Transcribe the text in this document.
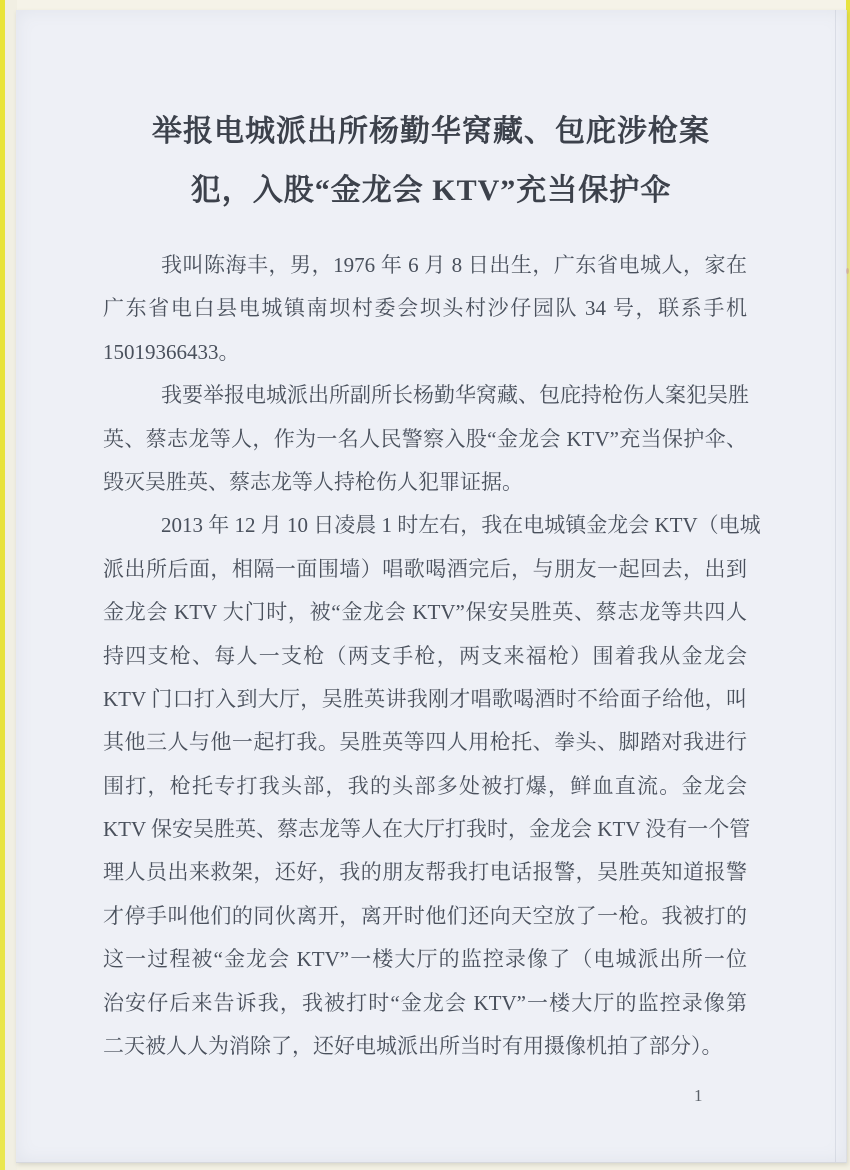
举报电城派出所杨勤华窝藏、包庇涉枪案
犯，入股“金龙会 KTV”充当保护伞
我叫陈海丰，男，1976 年 6 月 8 日出生，广东省电城人，家在
广东省电白县电城镇南坝村委会坝头村沙仔园队 34 号，联系手机
15019366433。
我要举报电城派出所副所长杨勤华窝藏、包庇持枪伤人案犯吴胜
英、蔡志龙等人，作为一名人民警察入股“金龙会 KTV”充当保护伞、
毁灭吴胜英、蔡志龙等人持枪伤人犯罪证据。
2013 年 12 月 10 日凌晨 1 时左右，我在电城镇金龙会 KTV（电城
派出所后面，相隔一面围墙）唱歌喝酒完后，与朋友一起回去，出到
金龙会 KTV 大门时，被“金龙会 KTV”保安吴胜英、蔡志龙等共四人
持四支枪、每人一支枪（两支手枪，两支来福枪）围着我从金龙会
KTV 门口打入到大厅，吴胜英讲我刚才唱歌喝酒时不给面子给他，叫
其他三人与他一起打我。吴胜英等四人用枪托、拳头、脚踏对我进行
围打，枪托专打我头部，我的头部多处被打爆，鲜血直流。金龙会
KTV 保安吴胜英、蔡志龙等人在大厅打我时，金龙会 KTV 没有一个管
理人员出来救架，还好，我的朋友帮我打电话报警，吴胜英知道报警
才停手叫他们的同伙离开，离开时他们还向天空放了一枪。我被打的
这一过程被“金龙会 KTV”一楼大厅的监控录像了（电城派出所一位
治安仔后来告诉我，我被打时“金龙会 KTV”一楼大厅的监控录像第
二天被人人为消除了，还好电城派出所当时有用摄像机拍了部分）。
1
